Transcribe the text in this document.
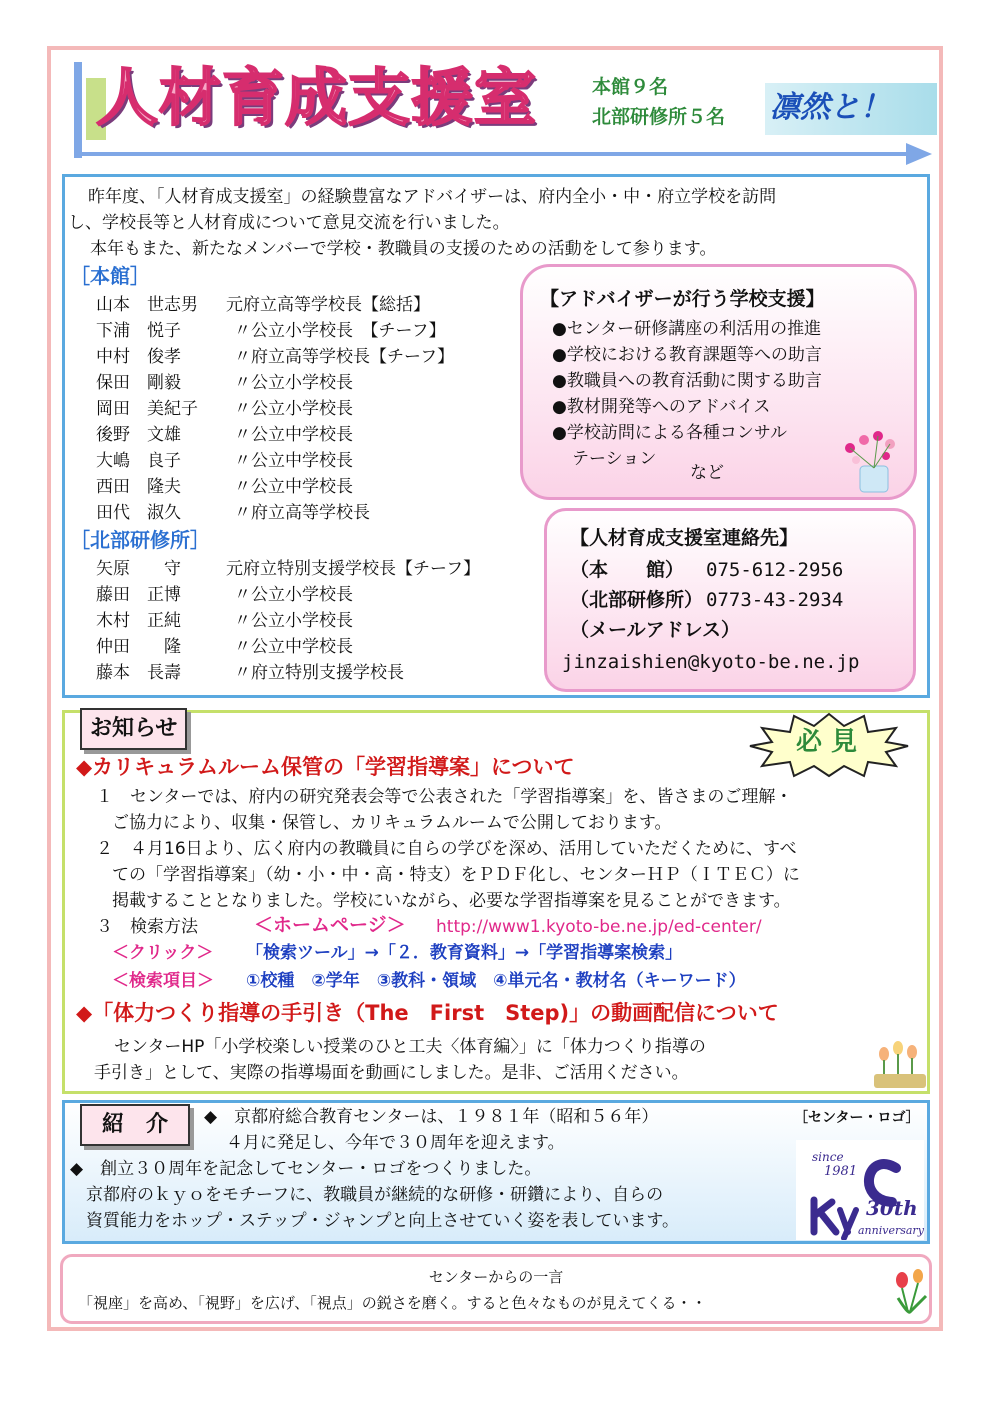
人材育成支援室	本館９名
北部研修所５名 凛然と！
昨年度、「人材育成支援室」の経験豊富なアドバイザーは、府内全小・中・府立学校を訪問
し、学校長等と人材育成について意見交流を行いました。
本年もまた、新たなメンバーで学校・教職員の支援のための活動をして参ります。
［本館］
山本　世志男 元府立高等学校長【総括】
下浦　悦子	〃公立小学校長　【チーフ】
中村　俊孝	〃府立高等学校長【チーフ】
保田　剛毅	〃公立小学校長
岡田　美紀子 〃公立小学校長
後野　文雄	〃公立中学校長
大嶋　良子	〃公立中学校長
西田　隆夫	〃公立中学校長
田代　淑久	〃府立高等学校長
［北部研修所］
矢原　　守	元府立特別支援学校長【チーフ】
藤田　正博	〃公立小学校長
木村　正純	〃公立小学校長
仲田　　隆	〃公立中学校長
藤本　長壽	〃府立特別支援学校長
【アドバイザーが行う学校支援】
●センター研修講座の利活用の推進
●学校における教育課題等への助言
●教職員への教育活動に関する助言
●教材開発等へのアドバイス
●学校訪問による各種コンサル
テーション
など
【人材育成支援室連絡先】
（本　　館） 075-612-2956
（北部研修所） 0773-43-2934
（メールアドレス）
jinzaishien@kyoto-be.ne.jp
お知らせ	必 見
◆カリキュラムルーム保管の「学習指導案」について
１　センターでは、府内の研究発表会等で公表された「学習指導案」を、皆さまのご理解・
ご協力により、収集・保管し、カリキュラムルームで公開しております。
２　４月16日より、広く府内の教職員に自らの学びを深め、活用していただくために、すべ
ての「学習指導案」（幼・小・中・高・特支）をＰＤＦ化し、センターＨＰ（ＩＴＥＣ）に
掲載することとなりました。学校にいながら、必要な学習指導案を見ることができます。
３　検索方法	＜ホームページ＞ http://www1.kyoto-be.ne.jp/ed-center/
＜クリック＞ 「検索ツール」→「２．教育資料」→「学習指導案検索」
＜検索項目＞ ①校種　②学年　③教科・領域　④単元名・教材名（キーワード）
◆「体力つくり指導の手引き（The　First　Step)」の動画配信について
センターHP「小学校楽しい授業のひと工夫〈体育編〉」に「体力つくり指導の
手引き」として、実際の指導場面を動画にしました。是非、ご活用ください。
紹　介	◆　京都府総合教育センターは、１９８１年（昭和５６年）
４月に発足し、今年で３０周年を迎えます。
◆　創立３０周年を記念してセンター・ロゴをつくりました。
京都府のｋｙｏをモチーフに、教職員が継続的な研修・研鑽により、自らの
資質能力をホップ・ステップ・ジャンプと向上させていく姿を表しています。
［センター・ロゴ］
since
1981
30th
anniversary
センターからの一言
「視座」を高め、「視野」を広げ、「視点」の鋭さを磨く。すると色々なものが見えてくる・・
